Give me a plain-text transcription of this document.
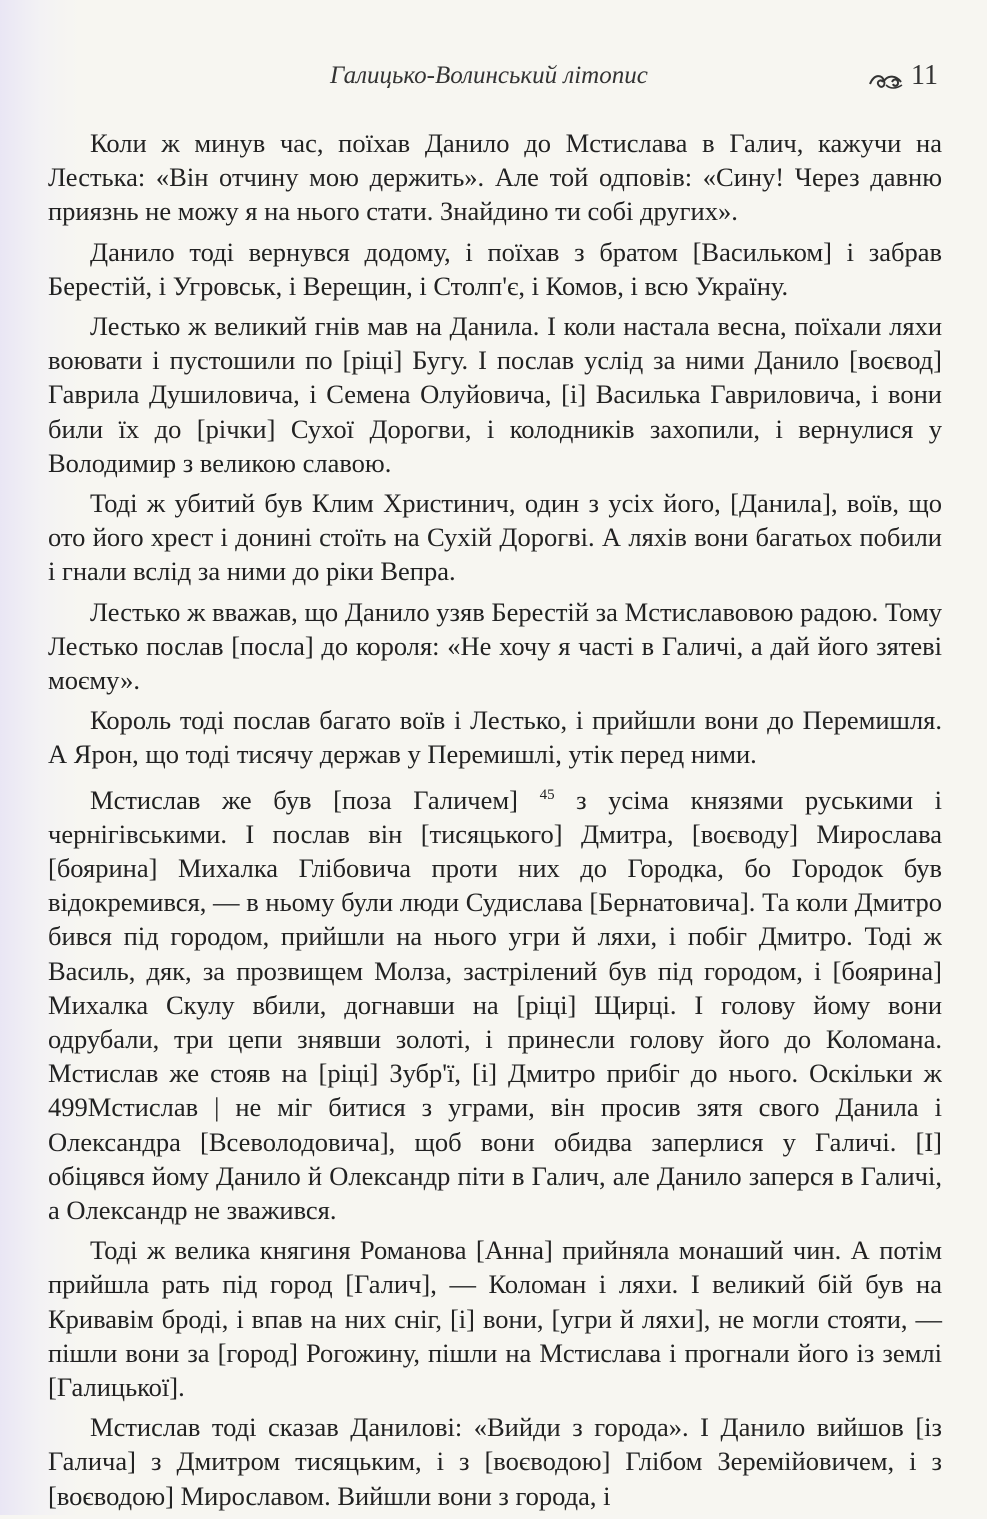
Галицько-Волинський літопис	11

Коли ж минув час, поїхав Данило до Мстислава в Галич, кажучи на Лестька: «Він отчину мою держить». Але той одповів: «Сину! Через давню приязнь не можу я на нього стати. Знайдино ти собі других».

Данило тоді вернувся додому, і поїхав з братом [Васильком] і забрав Берестій, і Угровськ, і Верещин, і Столп'є, і Комов, і всю Україну.

Лестько ж великий гнів мав на Данила. І коли настала весна, поїхали ляхи воювати і пустошили по [ріці] Бугу. І послав услід за ними Данило [воєвод] Гаврила Душиловича, і Семена Олуйовича, [і] Василька Гавриловича, і вони били їх до [річки] Сухої Дорогви, і колодників захопили, і вернулися у Володимир з великою славою.

Тоді ж убитий був Клим Христинич, один з усіх його, [Данила], воїв, що ото його хрест і донині стоїть на Сухій Дорогві. А ляхів вони багатьох побили і гнали вслід за ними до ріки Вепра.

Лестько ж вважав, що Данило узяв Берестій за Мстиславовою радою. Тому Лестько послав [посла] до короля: «Не хочу я часті в Галичі, а дай його зятеві моєму».

Король тоді послав багато воїв і Лестько, і прийшли вони до Перемишля. А Ярон, що тоді тисячу держав у Перемишлі, утік перед ними.

Мстислав же був [поза Галичем] $^{45}$ з усіма князями руськими і чернігівськими. І послав він [тисяцького] Дмитра, [воєводу] Мирослава [боярина] Михалка Глібовича проти них до Городка, бо Городок був відокремився, — в ньому були люди Судислава [Бернатовича]. Та коли Дмитро бився під городом, прийшли на нього угри й ляхи, і побіг Дмитро. Тоді ж Василь, дяк, за прозвищем Молза, застрілений був під городом, і [боярина] Михалка Скулу вбили, догнавши на [ріці] Щирці. І голову йому вони одрубали, три цепи знявши золоті, і принесли голову його до Коломана. Мстислав же стояв на [ріці] Зубр'ї, [і] Дмитро прибіг до нього. Оскільки ж 499Мстислав | не міг битися з уграми, він просив зятя свого Данила і Олександра [Всеволодовича], щоб вони обидва заперлися у Галичі. [І] обіцявся йому Данило й Олександр піти в Галич, але Данило заперся в Галичі, а Олександр не зважився.

Тоді ж велика княгиня Романова [Анна] прийняла монаший чин. А потім прийшла рать під город [Галич], — Коломан і ляхи. І великий бій був на Кривавім броді, і впав на них сніг, [і] вони, [угри й ляхи], не могли стояти, — пішли вони за [город] Рогожину, пішли на Мстислава і прогнали його із землі [Галицької].

Мстислав тоді сказав Данилові: «Вийди з города». І Данило вийшов [із Галича] з Дмитром тисяцьким, і з [воєводою] Глібом Зеремійовичем, і з [воєводою] Мирославом. Вийшли вони з города, і
